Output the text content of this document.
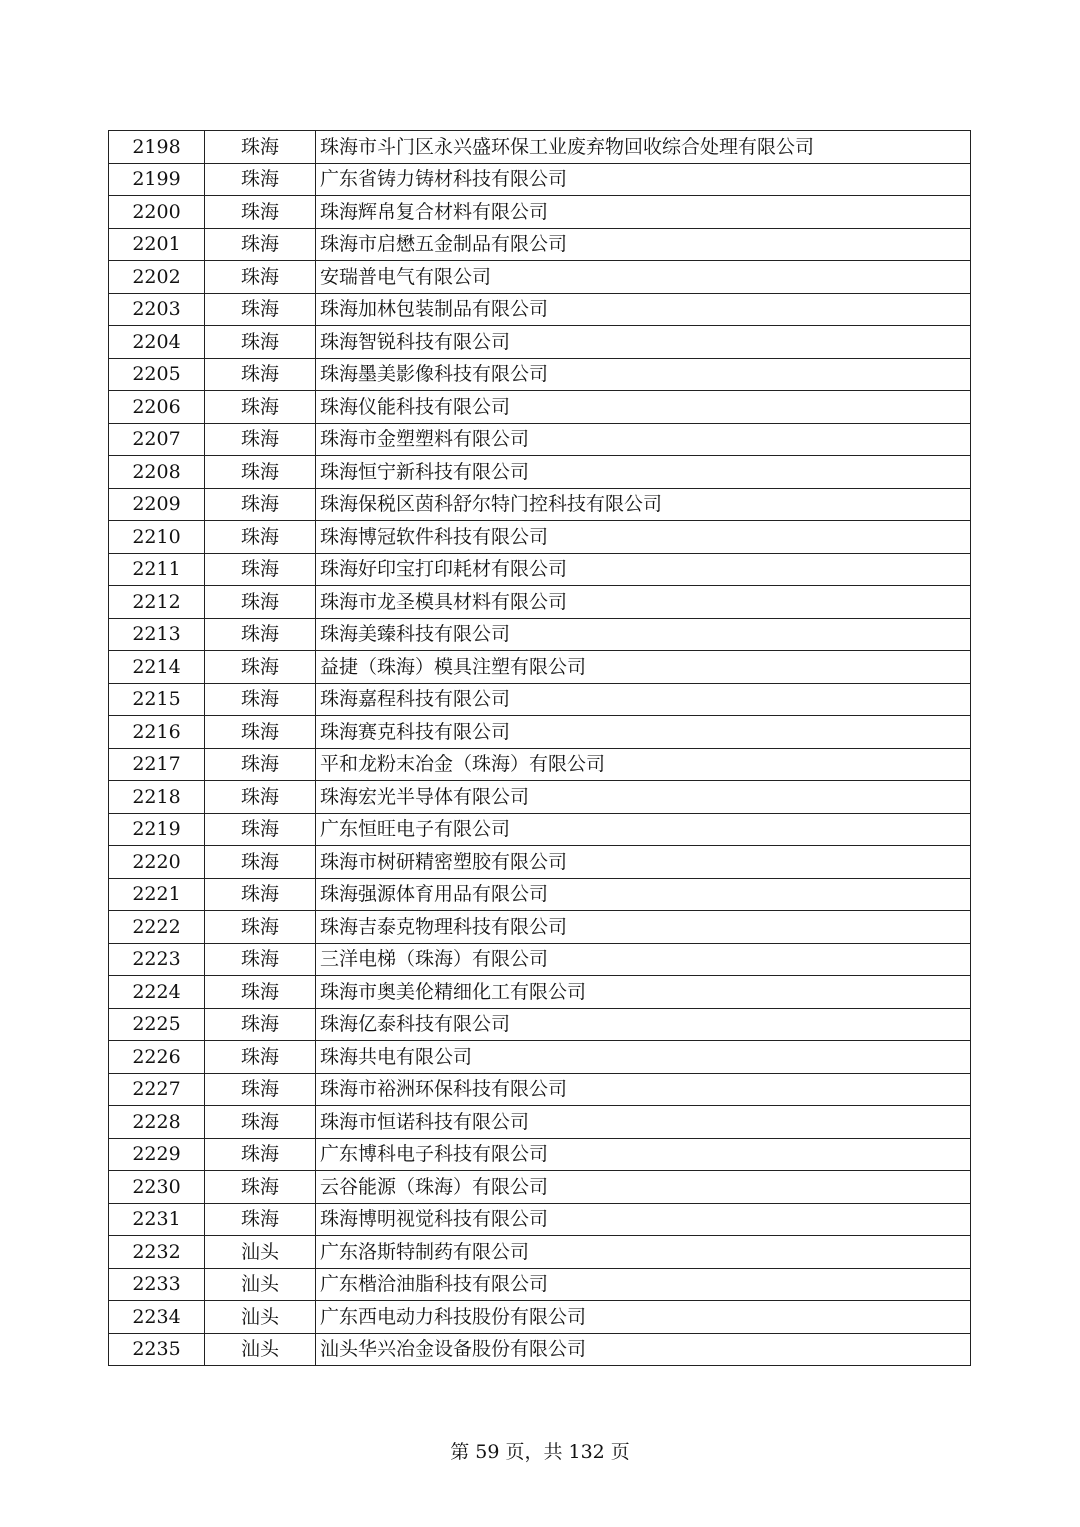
2198	珠海	珠海市斗门区永兴盛环保工业废弃物回收综合处理有限公司
2199	珠海	广东省铸力铸材科技有限公司
2200	珠海	珠海辉帛复合材料有限公司
2201	珠海	珠海市启懋五金制品有限公司
2202	珠海	安瑞普电气有限公司
2203	珠海	珠海加林包装制品有限公司
2204	珠海	珠海智锐科技有限公司
2205	珠海	珠海墨美影像科技有限公司
2206	珠海	珠海仪能科技有限公司
2207	珠海	珠海市金塑塑料有限公司
2208	珠海	珠海恒宁新科技有限公司
2209	珠海	珠海保税区茵科舒尔特门控科技有限公司
2210	珠海	珠海博冠软件科技有限公司
2211	珠海	珠海好印宝打印耗材有限公司
2212	珠海	珠海市龙圣模具材料有限公司
2213	珠海	珠海美臻科技有限公司
2214	珠海	益捷（珠海）模具注塑有限公司
2215	珠海	珠海嘉程科技有限公司
2216	珠海	珠海赛克科技有限公司
2217	珠海	平和龙粉末冶金（珠海）有限公司
2218	珠海	珠海宏光半导体有限公司
2219	珠海	广东恒旺电子有限公司
2220	珠海	珠海市树研精密塑胶有限公司
2221	珠海	珠海强源体育用品有限公司
2222	珠海	珠海吉泰克物理科技有限公司
2223	珠海	三洋电梯（珠海）有限公司
2224	珠海	珠海市奥美伦精细化工有限公司
2225	珠海	珠海亿泰科技有限公司
2226	珠海	珠海共电有限公司
2227	珠海	珠海市裕洲环保科技有限公司
2228	珠海	珠海市恒诺科技有限公司
2229	珠海	广东博科电子科技有限公司
2230	珠海	云谷能源（珠海）有限公司
2231	珠海	珠海博明视觉科技有限公司
2232	汕头	广东洛斯特制药有限公司
2233	汕头	广东楷洽油脂科技有限公司
2234	汕头	广东西电动力科技股份有限公司
2235	汕头	汕头华兴冶金设备股份有限公司
第 59 页，共 132 页
